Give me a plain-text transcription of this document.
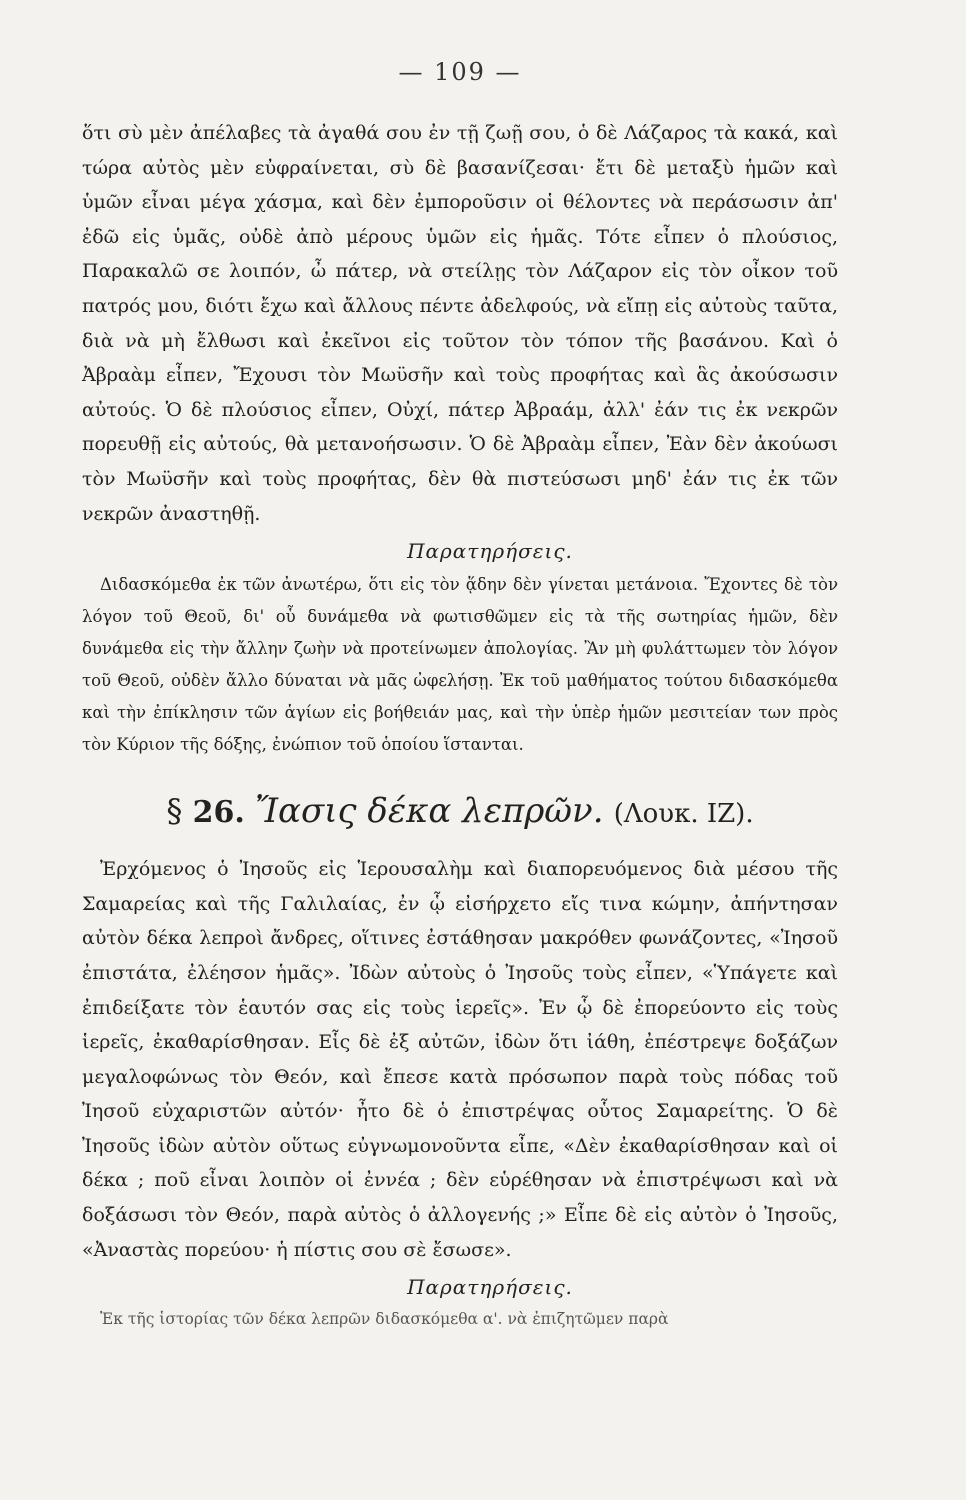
— 109 —

ὅτι σὺ μὲν ἀπέλαβες τὰ ἀγαθά σου ἐν τῇ ζωῇ σου, ὁ δὲ Λάζαρος τὰ κακά, καὶ τώρα αὐτὸς μὲν εὐφραίνεται, σὺ δὲ βασανίζεσαι· ἔτι δὲ μεταξὺ ἡμῶν καὶ ὑμῶν εἶναι μέγα χάσμα, καὶ δὲν ἐμποροῦσιν οἱ θέλοντες νὰ περάσωσιν ἀπ' ἐδῶ εἰς ὑμᾶς, οὐδὲ ἀπὸ μέρους ὑμῶν εἰς ἡμᾶς. Τότε εἶπεν ὁ πλούσιος, Παρακαλῶ σε λοιπόν, ὦ πάτερ, νὰ στείλῃς τὸν Λάζαρον εἰς τὸν οἶκον τοῦ πατρός μου, διότι ἔχω καὶ ἄλλους πέντε ἀδελφούς, νὰ εἴπῃ εἰς αὐτοὺς ταῦτα, διὰ νὰ μὴ ἔλθωσι καὶ ἐκεῖνοι εἰς τοῦτον τὸν τόπον τῆς βασάνου. Καὶ ὁ Ἀβραὰμ εἶπεν, Ἔχουσι τὸν Μωϋσῆν καὶ τοὺς προφήτας καὶ ἃς ἀκούσωσιν αὐτούς. Ὁ δὲ πλούσιος εἶπεν, Οὐχί, πάτερ Ἀβραάμ, ἀλλ' ἐάν τις ἐκ νεκρῶν πορευθῇ εἰς αὐτούς, θὰ μετανοήσωσιν. Ὁ δὲ Ἀβραὰμ εἶπεν, Ἐὰν δὲν ἀκούωσι τὸν Μωϋσῆν καὶ τοὺς προφήτας, δὲν θὰ πιστεύσωσι μηδ' ἐάν τις ἐκ τῶν νεκρῶν ἀναστηθῇ.

Παρατηρήσεις.

Διδασκόμεθα ἐκ τῶν ἀνωτέρω, ὅτι εἰς τὸν ᾅδην δὲν γίνεται μετάνοια. Ἔχοντες δὲ τὸν λόγον τοῦ Θεοῦ, δι' οὗ δυνάμεθα νὰ φωτισθῶμεν εἰς τὰ τῆς σωτηρίας ἡμῶν, δὲν δυνάμεθα εἰς τὴν ἄλλην ζωὴν νὰ προτείνωμεν ἀπολογίας. Ἂν μὴ φυλάττωμεν τὸν λόγον τοῦ Θεοῦ, οὐδὲν ἄλλο δύναται νὰ μᾶς ὠφελήσῃ. Ἐκ τοῦ μαθήματος τούτου διδασκόμεθα καὶ τὴν ἐπίκλησιν τῶν ἁγίων εἰς βοήθειάν μας, καὶ τὴν ὑπὲρ ἡμῶν μεσιτείαν των πρὸς τὸν Κύριον τῆς δόξης, ἐνώπιον τοῦ ὁποίου ἵστανται.

§ 26. Ἴασις δέκα λεπρῶν. (Λουκ. ΙΖ).

Ἐρχόμενος ὁ Ἰησοῦς εἰς Ἱερουσαλὴμ καὶ διαπορευόμενος διὰ μέσου τῆς Σαμαρείας καὶ τῆς Γαλιλαίας, ἐν ᾧ εἰσήρχετο εἴς τινα κώμην, ἀπήντησαν αὐτὸν δέκα λεπροὶ ἄνδρες, οἵτινες ἐστάθησαν μακρόθεν φωνάζοντες, «Ἰησοῦ ἐπιστάτα, ἐλέησον ἡμᾶς». Ἰδὼν αὐτοὺς ὁ Ἰησοῦς τοὺς εἶπεν, «Ὑπάγετε καὶ ἐπιδείξατε τὸν ἑαυτόν σας εἰς τοὺς ἱερεῖς». Ἐν ᾧ δὲ ἐπορεύοντο εἰς τοὺς ἱερεῖς, ἐκαθαρίσθησαν. Εἷς δὲ ἐξ αὐτῶν, ἰδὼν ὅτι ἰάθη, ἐπέστρεψε δοξάζων μεγαλοφώνως τὸν Θεόν, καὶ ἔπεσε κατὰ πρόσωπον παρὰ τοὺς πόδας τοῦ Ἰησοῦ εὐχαριστῶν αὐτόν· ἦτο δὲ ὁ ἐπιστρέψας οὗτος Σαμαρείτης. Ὁ δὲ Ἰησοῦς ἰδὼν αὐτὸν οὕτως εὐγνωμονοῦντα εἶπε, «Δὲν ἐκαθαρίσθησαν καὶ οἱ δέκα ; ποῦ εἶναι λοιπὸν οἱ ἐννέα ; δὲν εὑρέθησαν νὰ ἐπιστρέψωσι καὶ νὰ δοξάσωσι τὸν Θεόν, παρὰ αὐτὸς ὁ ἀλλογενής ;» Εἶπε δὲ εἰς αὐτὸν ὁ Ἰησοῦς, «Ἀναστὰς πορεύου· ἡ πίστις σου σὲ ἔσωσε».

Παρατηρήσεις.

Ἐκ τῆς ἱστορίας τῶν δέκα λεπρῶν διδασκόμεθα α'. νὰ ἐπιζητῶμεν παρὰ
